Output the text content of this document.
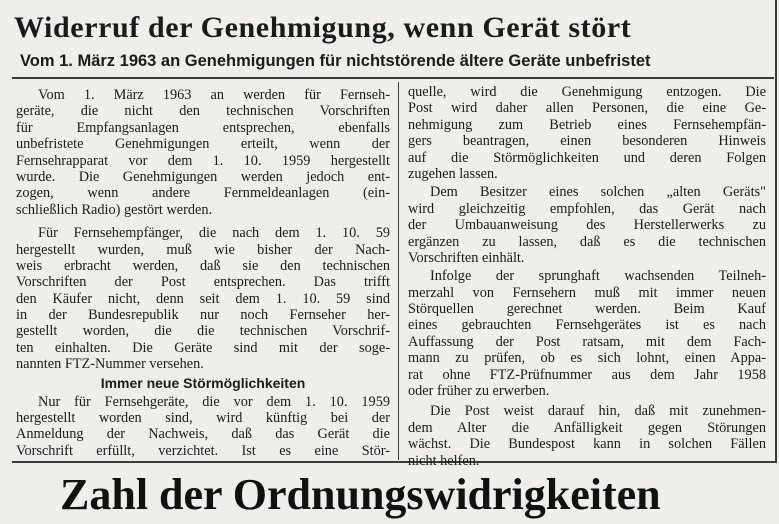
Widerruf der Genehmigung, wenn Gerät stört
Vom 1. März 1963 an Genehmigungen für nichtstörende ältere Geräte unbefristet
Vom 1. März 1963 an werden für Fernseh-
geräte, die nicht den technischen Vorschriften
für Empfangsanlagen entsprechen, ebenfalls
unbefristete Genehmigungen erteilt, wenn der
Fernsehrapparat vor dem 1. 10. 1959 hergestellt
wurde. Die Genehmigungen werden jedoch ent-
zogen, wenn andere Fernmeldeanlagen (ein-
schließlich Radio) gestört werden.
Für Fernsehempfänger, die nach dem 1. 10. 59
hergestellt wurden, muß wie bisher der Nach-
weis erbracht werden, daß sie den technischen
Vorschriften der Post entsprechen. Das trifft
den Käufer nicht, denn seit dem 1. 10. 59 sind
in der Bundesrepublik nur noch Fernseher her-
gestellt worden, die die technischen Vorschrif-
ten einhalten. Die Geräte sind mit der soge-
nannten FTZ-Nummer versehen.
Immer neue Störmöglichkeiten
Nur für Fernsehgeräte, die vor dem 1. 10. 1959
hergestellt worden sind, wird künftig bei der
Anmeldung der Nachweis, daß das Gerät die
Vorschrift erfüllt, verzichtet. Ist es eine Stör-
quelle, wird die Genehmigung entzogen. Die
Post wird daher allen Personen, die eine Ge-
nehmigung zum Betrieb eines Fernsehempfän-
gers beantragen, einen besonderen Hinweis
auf die Störmöglichkeiten und deren Folgen
zugehen lassen.
Dem Besitzer eines solchen „alten Geräts"
wird gleichzeitig empfohlen, das Gerät nach
der Umbauanweisung des Herstellerwerks zu
ergänzen zu lassen, daß es die technischen
Vorschriften einhält.
Infolge der sprunghaft wachsenden Teilneh-
merzahl von Fernsehern muß mit immer neuen
Störquellen gerechnet werden. Beim Kauf
eines gebrauchten Fernsehgerätes ist es nach
Auffassung der Post ratsam, mit dem Fach-
mann zu prüfen, ob es sich lohnt, einen Appa-
rat ohne FTZ-Prüfnummer aus dem Jahr 1958
oder früher zu erwerben.
Die Post weist darauf hin, daß mit zunehmen-
dem Alter die Anfälligkeit gegen Störungen
wächst. Die Bundespost kann in solchen Fällen
nicht helfen.
Zahl der Ordnungswidrigkeiten
